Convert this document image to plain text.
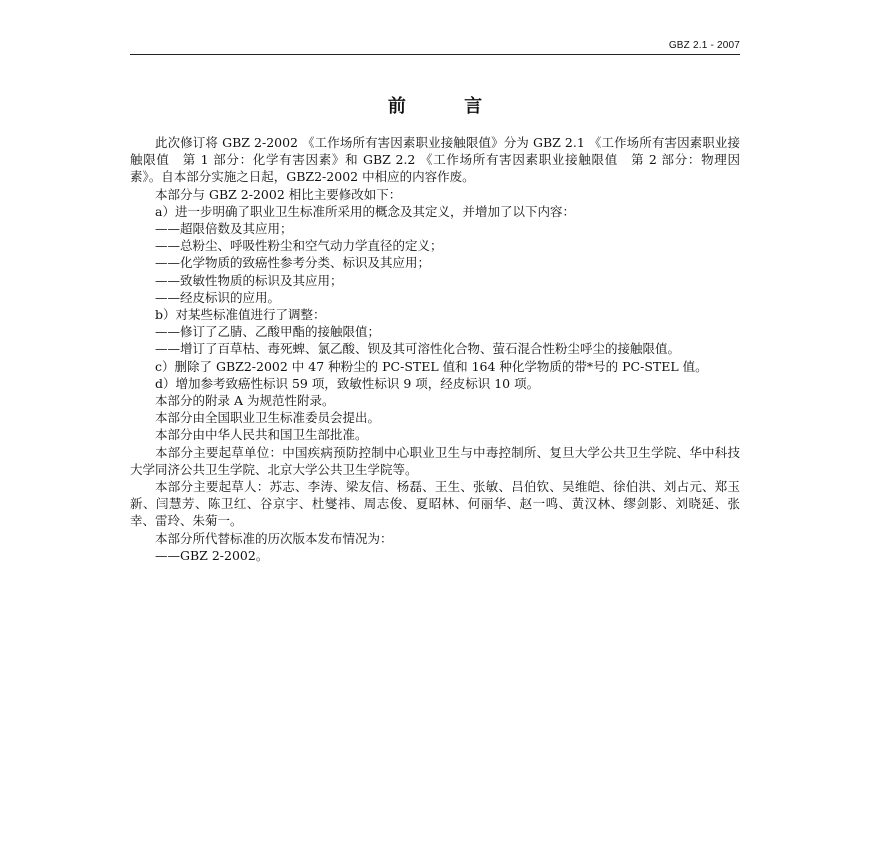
GBZ 2.1 - 2007
前 言

此次修订将 GBZ 2-2002 《工作场所有害因素职业接触限值》分为 GBZ 2.1 《工作场所有害因素职业接触限值　第 1 部分：化学有害因素》和 GBZ 2.2 《工作场所有害因素职业接触限值　第 2 部分：物理因素》。自本部分实施之日起，GBZ2-2002 中相应的内容作废。

本部分与 GBZ 2-2002 相比主要修改如下：

a）进一步明确了职业卫生标准所采用的概念及其定义，并增加了以下内容：

——超限倍数及其应用；

——总粉尘、呼吸性粉尘和空气动力学直径的定义；

——化学物质的致癌性参考分类、标识及其应用；

——致敏性物质的标识及其应用；

——经皮标识的应用。

b）对某些标准值进行了调整：

——修订了乙腈、乙酸甲酯的接触限值；

——增订了百草枯、毒死蜱、氯乙酸、钡及其可溶性化合物、萤石混合性粉尘呼尘的接触限值。

c）删除了 GBZ2-2002 中 47 种粉尘的 PC-STEL 值和 164 种化学物质的带*号的 PC-STEL 值。

d）增加参考致癌性标识 59 项，致敏性标识 9 项，经皮标识 10 项。

本部分的附录 A 为规范性附录。

本部分由全国职业卫生标准委员会提出。

本部分由中华人民共和国卫生部批准。

本部分主要起草单位：中国疾病预防控制中心职业卫生与中毒控制所、复旦大学公共卫生学院、华中科技大学同济公共卫生学院、北京大学公共卫生学院等。

本部分主要起草人：苏志、李涛、梁友信、杨磊、王生、张敏、吕伯钦、吴维皑、徐伯洪、刘占元、郑玉新、闫慧芳、陈卫红、谷京宇、杜燮祎、周志俊、夏昭林、何丽华、赵一鸣、黄汉林、缪剑影、刘晓延、张幸、雷玲、朱菊一。

本部分所代替标准的历次版本发布情况为：

——GBZ 2-2002。
